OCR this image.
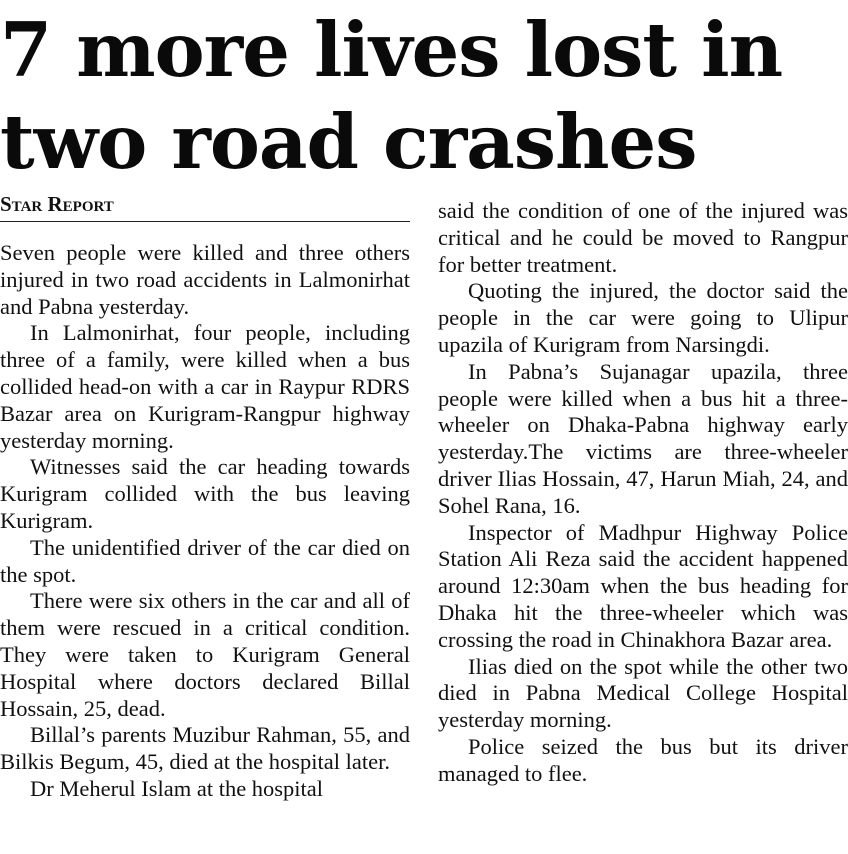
7 more lives lost in
two road crashes
Star Report

Seven people were killed and three others injured in two road accidents in Lalmonirhat and Pabna yesterday.

In Lalmonirhat, four people, including three of a family, were killed when a bus collided head-on with a car in Raypur RDRS Bazar area on Kurigram-Rangpur highway yesterday morning.

Witnesses said the car heading towards Kurigram collided with the bus leaving Kurigram.

The unidentified driver of the car died on the spot.

There were six others in the car and all of them were rescued in a critical condition. They were taken to Kurigram General Hospital where doctors declared Billal Hossain, 25, dead.

Billal’s parents Muzibur Rahman, 55, and Bilkis Begum, 45, died at the hospital later.

Dr Meherul Islam at the hospital

said the condition of one of the injured was critical and he could be moved to Rangpur for better treatment.

Quoting the injured, the doctor said the people in the car were going to Ulipur upazila of Kurigram from Narsingdi.

In Pabna’s Sujanagar upazila, three people were killed when a bus hit a three-wheeler on Dhaka-Pabna highway early yesterday.The victims are three-wheeler driver Ilias Hossain, 47, Harun Miah, 24, and Sohel Rana, 16.

Inspector of Madhpur Highway Police Station Ali Reza said the accident happened around 12:30am when the bus heading for Dhaka hit the three-wheeler which was crossing the road in Chinakhora Bazar area.

Ilias died on the spot while the other two died in Pabna Medical College Hospital yesterday morning.

Police seized the bus but its driver managed to flee.
